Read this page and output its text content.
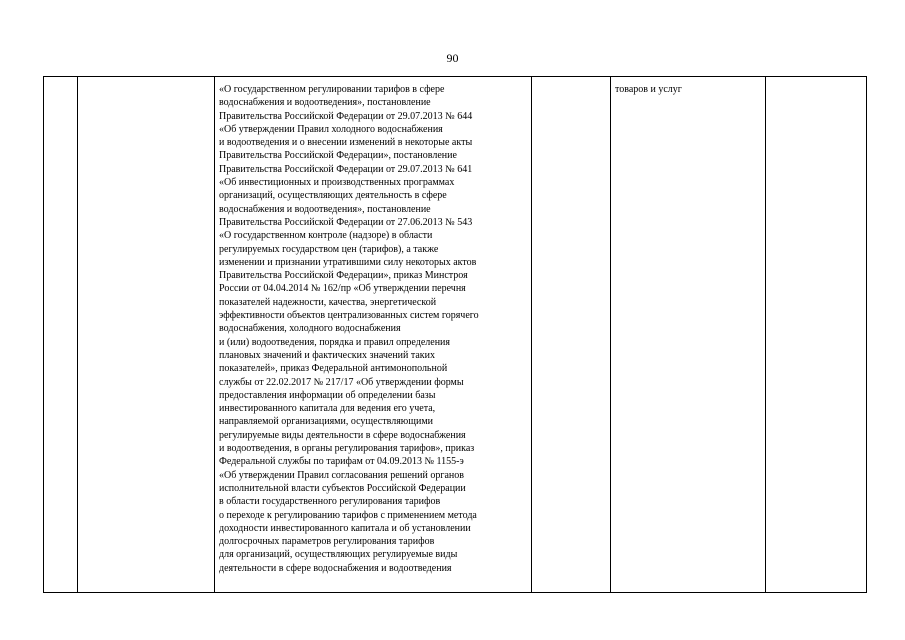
90

«О государственном регулировании тарифов в сфере
водоснабжения и водоотведения», постановление
Правительства Российской Федерации от 29.07.2013 № 644
«Об утверждении Правил холодного водоснабжения
и водоотведения и о внесении изменений в некоторые акты
Правительства Российской Федерации», постановление
Правительства Российской Федерации от 29.07.2013 № 641
«Об инвестиционных и производственных программах
организаций, осуществляющих деятельность в сфере
водоснабжения и водоотведения», постановление
Правительства Российской Федерации от 27.06.2013 № 543
«О государственном контроле (надзоре) в области
регулируемых государством цен (тарифов), а также
изменении и признании утратившими силу некоторых актов
Правительства Российской Федерации», приказ Минстроя
России от 04.04.2014 № 162/пр «Об утверждении перечня
показателей надежности, качества, энергетической
эффективности объектов централизованных систем горячего
водоснабжения, холодного водоснабжения
и (или) водоотведения, порядка и правил определения
плановых значений и фактических значений таких
показателей», приказ Федеральной антимонопольной
службы от 22.02.2017 № 217/17 «Об утверждении формы
предоставления информации об определении базы
инвестированного капитала для ведения его учета,
направляемой организациями, осуществляющими
регулируемые виды деятельности в сфере водоснабжения
и водоотведения, в органы регулирования тарифов», приказ
Федеральной службы по тарифам от 04.09.2013 № 1155-э
«Об утверждении Правил согласования решений органов
исполнительной власти субъектов Российской Федерации
в области государственного регулирования тарифов
о переходе к регулированию тарифов с применением метода
доходности инвестированного капитала и об установлении
долгосрочных параметров регулирования тарифов
для организаций, осуществляющих регулируемые виды
деятельности в сфере водоснабжения и водоотведения

товаров и услуг
